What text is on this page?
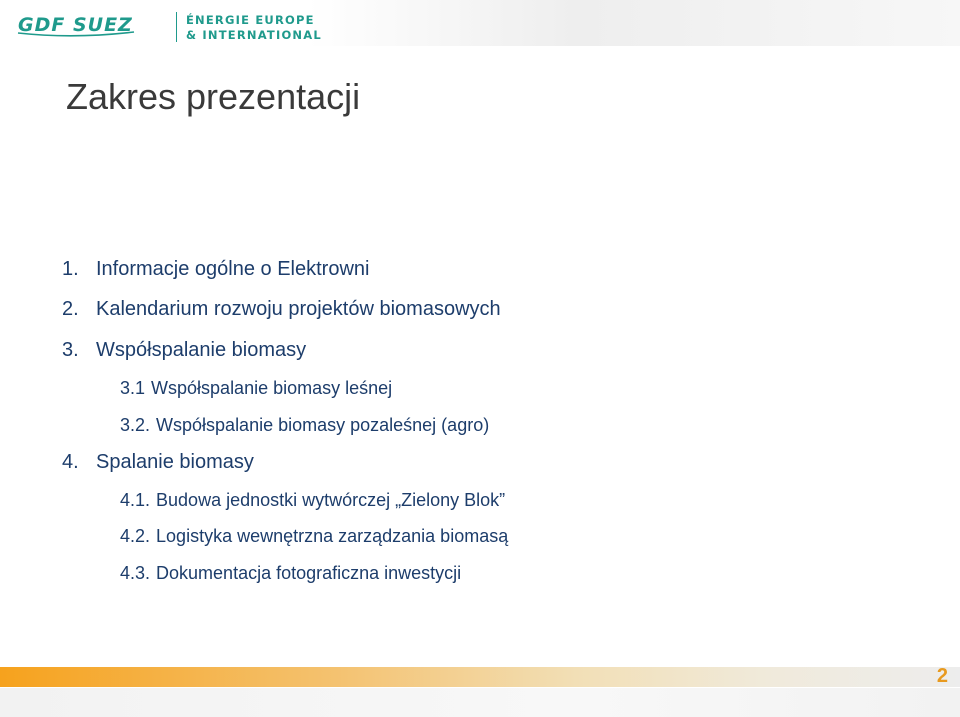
GDF SUEZ	ÉNERGIE EUROPE
& INTERNATIONAL
Zakres prezentacji
1. Informacje ogólne o Elektrowni
2. Kalendarium rozwoju projektów biomasowych
3. Współspalanie biomasy
3.1 Współspalanie biomasy leśnej
3.2. Współspalanie biomasy pozaleśnej (agro)
4. Spalanie biomasy
4.1. Budowa jednostki wytwórczej „Zielony Blok”
4.2. Logistyka wewnętrzna zarządzania biomasą
4.3. Dokumentacja fotograficzna inwestycji
2
